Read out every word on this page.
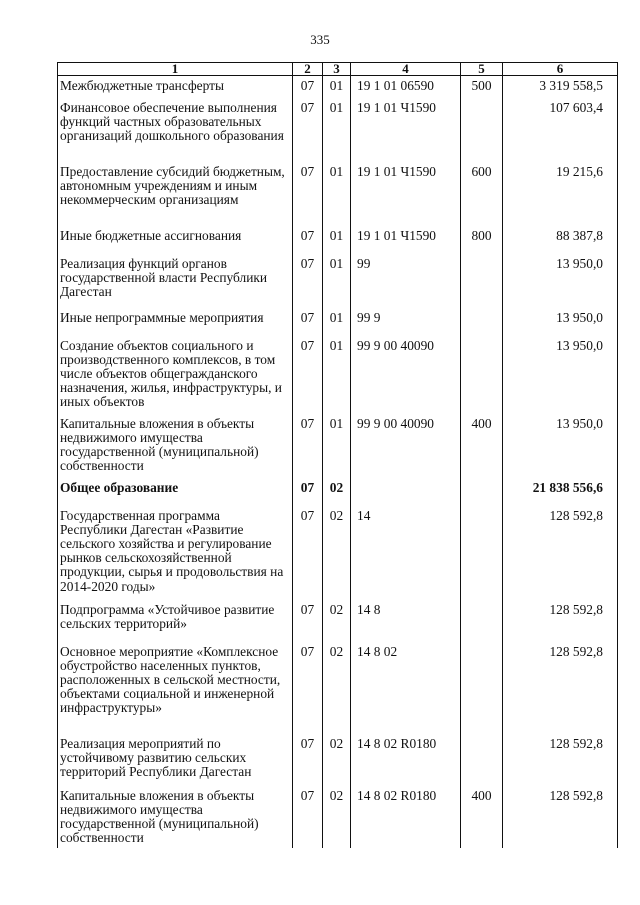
335
1	2	3	4	5	6
Межбюджетные трансферты	07	01	19 1 01 06590	500	3 319 558,5
Финансовое обеспечение выполнения функций частных образовательных организаций дошкольного образования	07	01	19 1 01 Ч1590		107 603,4
Предоставление субсидий бюджетным, автономным учреждениям и иным некоммерческим организациям	07	01	19 1 01 Ч1590	600	19 215,6
Иные бюджетные ассигнования	07	01	19 1 01 Ч1590	800	88 387,8
Реализация функций органов государственной власти Республики Дагестан	07	01	99		13 950,0
Иные непрограммные мероприятия	07	01	99 9		13 950,0
Создание объектов социального и производственного комплексов, в том числе объектов общегражданского назначения, жилья, инфраструктуры, и иных объектов	07	01	99 9 00 40090		13 950,0
Капитальные вложения в объекты недвижимого имущества государственной (муниципальной) собственности	07	01	99 9 00 40090	400	13 950,0
Общее образование	07	02			21 838 556,6
Государственная программа Республики Дагестан «Развитие сельского хозяйства и регулирование рынков сельскохозяйственной продукции, сырья и продовольствия на 2014-2020 годы»	07	02	14		128 592,8
Подпрограмма «Устойчивое развитие сельских территорий»	07	02	14 8		128 592,8
Основное мероприятие «Комплексное обустройство населенных пунктов, расположенных в сельской местности, объектами социальной и инженерной инфраструктуры»	07	02	14 8 02		128 592,8
Реализация мероприятий по устойчивому развитию сельских территорий Республики Дагестан	07	02	14 8 02 R0180		128 592,8
Капитальные вложения в объекты недвижимого имущества государственной (муниципальной) собственности	07	02	14 8 02 R0180	400	128 592,8
